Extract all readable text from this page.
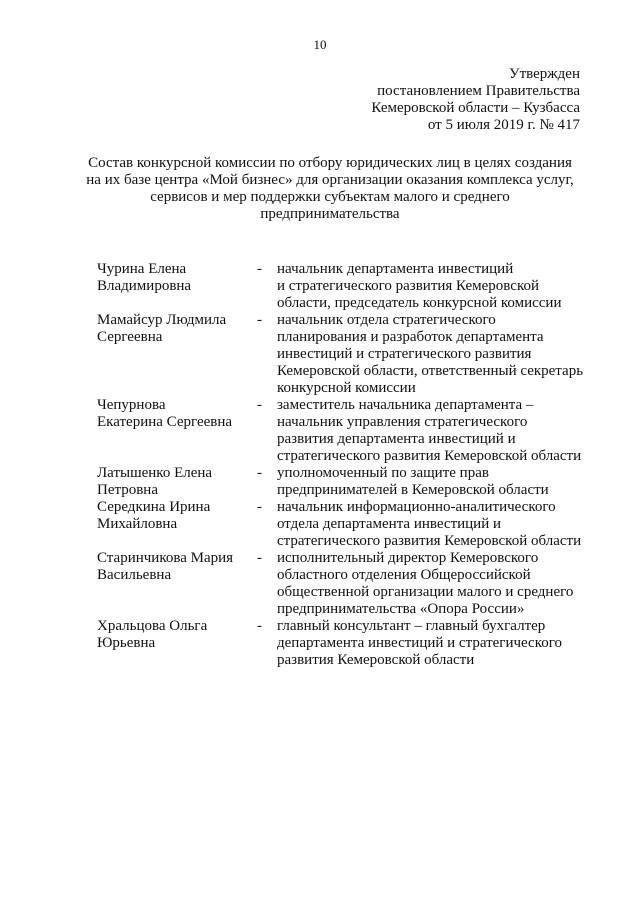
10
Утвержден
постановлением Правительства
Кемеровской области – Кузбасса
от 5 июля 2019 г. № 417
Состав конкурсной комиссии по отбору юридических лиц в целях создания
на их базе центра «Мой бизнес» для организации оказания комплекса услуг,
сервисов и мер поддержки субъектам малого и среднего
предпринимательства
Чурина Елена
Владимировна
-	начальник департамента инвестиций
и стратегического развития Кемеровской
области, председатель конкурсной комиссии
Мамайсур Людмила
Сергеевна
-	начальник отдела стратегического
планирования и разработок департамента
инвестиций и стратегического развития
Кемеровской области, ответственный секретарь
конкурсной комиссии
Чепурнова
Екатерина Сергеевна
-	заместитель начальника департамента –
начальник управления стратегического
развития департамента инвестиций и
стратегического развития Кемеровской области
Латышенко Елена
Петровна
-	уполномоченный по защите прав
предпринимателей в Кемеровской области
Середкина Ирина
Михайловна
-	начальник информационно-аналитического
отдела департамента инвестиций и
стратегического развития Кемеровской области
Старинчикова Мария
Васильевна
-	исполнительный директор Кемеровского
областного отделения Общероссийской
общественной организации малого и среднего
предпринимательства «Опора России»
Хральцова Ольга
Юрьевна
-	главный консультант – главный бухгалтер
департамента инвестиций и стратегического
развития Кемеровской области
